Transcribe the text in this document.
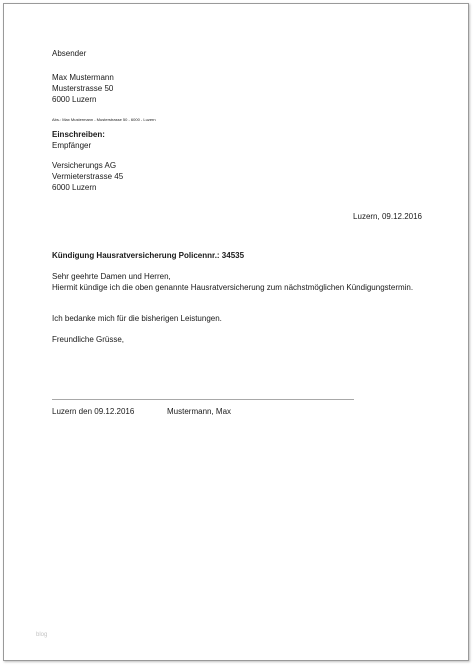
Absender
Max Mustermann
Musterstrasse 50
6000 Luzern
Abs.: Max Mustermann - Musterstrasse 50 - 6000 - Luzern
Einschreiben:
Empfänger
Versicherungs AG
Vermieterstrasse 45
6000 Luzern
Luzern, 09.12.2016
Kündigung Hausratversicherung Policennr.: 34535
Sehr geehrte Damen und Herren,
Hiermit kündige ich die oben genannte Hausratversicherung zum nächstmöglichen Kündigungstermin.
Ich bedanke mich für die bisherigen Leistungen.
Freundliche Grüsse,
Luzern den 09.12.2016	Mustermann, Max
blog
